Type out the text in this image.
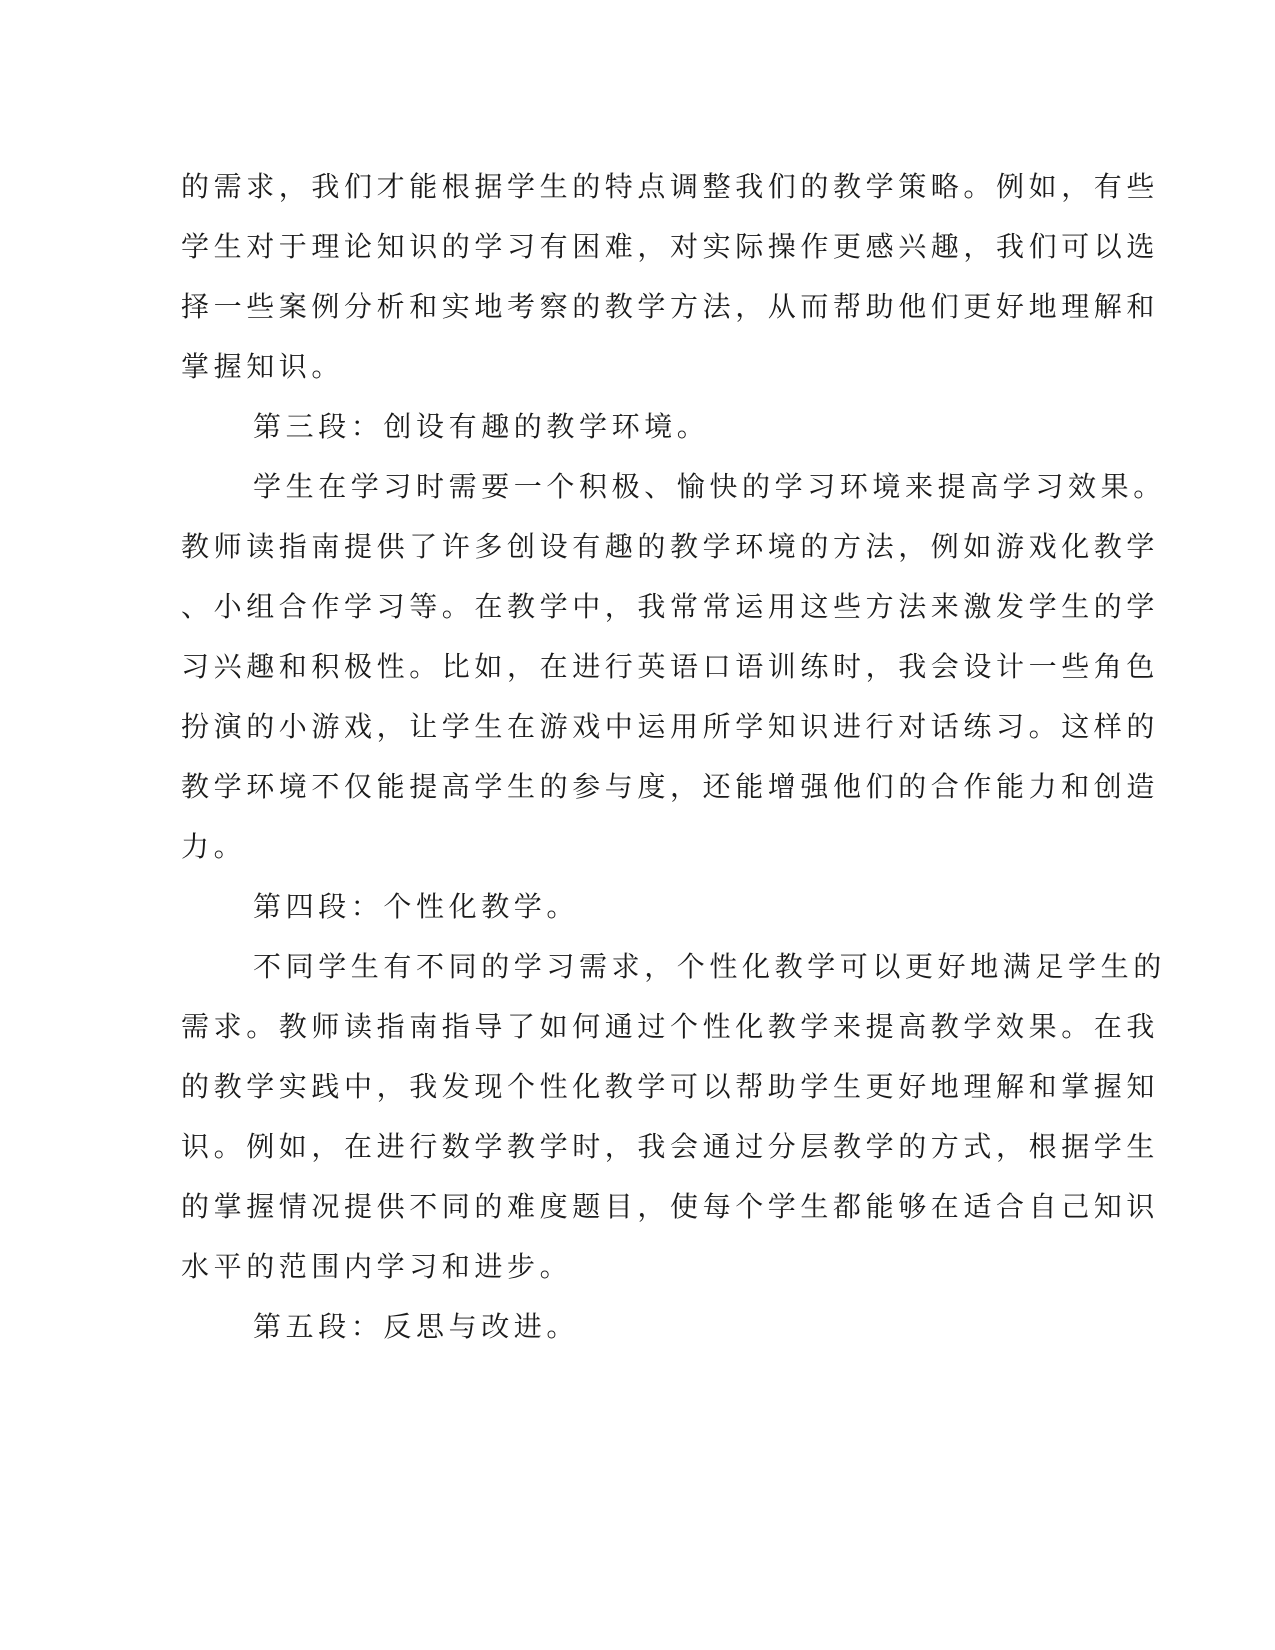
的需求，我们才能根据学生的特点调整我们的教学策略。例如，有些

学生对于理论知识的学习有困难，对实际操作更感兴趣，我们可以选

择一些案例分析和实地考察的教学方法，从而帮助他们更好地理解和

掌握知识。

第三段：创设有趣的教学环境。

学生在学习时需要一个积极、愉快的学习环境来提高学习效果。

教师读指南提供了许多创设有趣的教学环境的方法，例如游戏化教学

、小组合作学习等。在教学中，我常常运用这些方法来激发学生的学

习兴趣和积极性。比如，在进行英语口语训练时，我会设计一些角色

扮演的小游戏，让学生在游戏中运用所学知识进行对话练习。这样的

教学环境不仅能提高学生的参与度，还能增强他们的合作能力和创造

力。

第四段：个性化教学。

不同学生有不同的学习需求，个性化教学可以更好地满足学生的

需求。教师读指南指导了如何通过个性化教学来提高教学效果。在我

的教学实践中，我发现个性化教学可以帮助学生更好地理解和掌握知

识。例如，在进行数学教学时，我会通过分层教学的方式，根据学生

的掌握情况提供不同的难度题目，使每个学生都能够在适合自己知识

水平的范围内学习和进步。

第五段：反思与改进。
